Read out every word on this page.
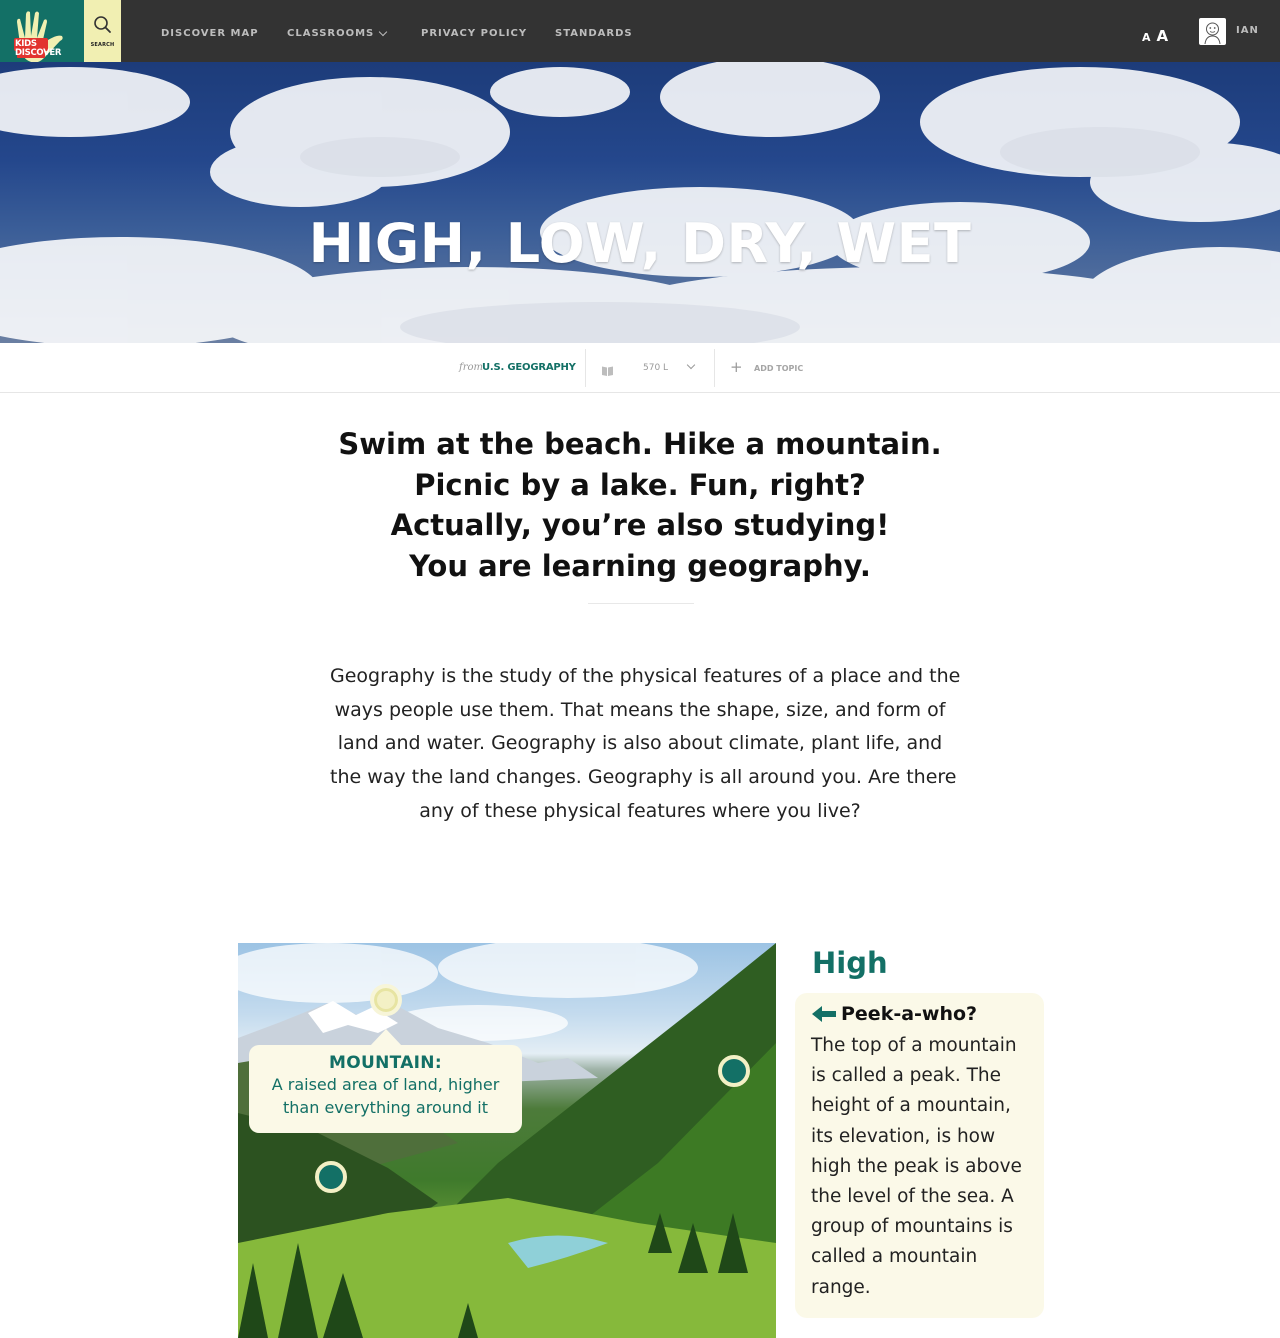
KIDS DISCOVER
SEARCH
DISCOVER MAP	CLASSROOMS	PRIVACY POLICY	STANDARDS	A A	IAN
HIGH, LOW, DRY, WET
from U.S. GEOGRAPHY	570 L	+ ADD TOPIC
Swim at the beach. Hike a mountain.
Picnic by a lake. Fun, right?
Actually, you’re also studying!
You are learning geography.
Geography is the study of the physical features of a place and the
ways people use them. That means the shape, size, and form of
land and water. Geography is also about climate, plant life, and
the way the land changes. Geography is all around you. Are there
any of these physical features where you live?
MOUNTAIN:
A raised area of land, higher
than everything around it
High
Peek-a-who?
The top of a mountain
is called a peak. The
height of a mountain,
its elevation, is how
high the peak is above
the level of the sea. A
group of mountains is
called a mountain
range.
